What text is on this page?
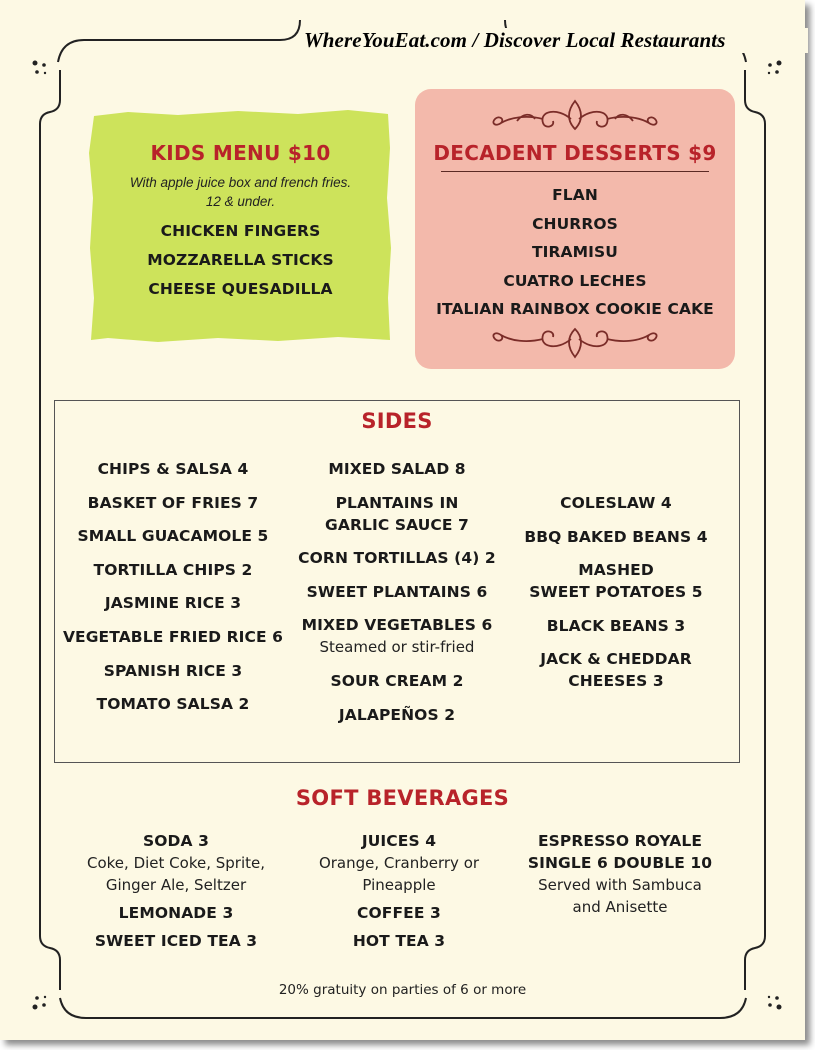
WhereYouEat.com / Discover Local Restaurants
KIDS MENU $10
With apple juice box and french fries.
12 & under.
CHICKEN FINGERS
MOZZARELLA STICKS
CHEESE QUESADILLA
DECADENT DESSERTS $9
FLAN
CHURROS
TIRAMISU
CUATRO LECHES
ITALIAN RAINBOX COOKIE CAKE
SIDES
CHIPS & SALSA 4
BASKET OF FRIES 7
SMALL GUACAMOLE 5
TORTILLA CHIPS 2
JASMINE RICE 3
VEGETABLE FRIED RICE 6
SPANISH RICE 3
TOMATO SALSA 2
MIXED SALAD 8
PLANTAINS IN
GARLIC SAUCE 7
CORN TORTILLAS (4) 2
SWEET PLANTAINS 6
MIXED VEGETABLES 6
Steamed or stir-fried
SOUR CREAM 2
JALAPEÑOS 2
COLESLAW 4
BBQ BAKED BEANS 4
MASHED
SWEET POTATOES 5
BLACK BEANS 3
JACK & CHEDDAR
CHEESES 3
SOFT BEVERAGES
SODA 3
Coke, Diet Coke, Sprite,
Ginger Ale, Seltzer
LEMONADE 3
SWEET ICED TEA 3
JUICES 4
Orange, Cranberry or
Pineapple
COFFEE 3
HOT TEA 3
ESPRESSO ROYALE
SINGLE 6 DOUBLE 10
Served with Sambuca
and Anisette
20% gratuity on parties of 6 or more
